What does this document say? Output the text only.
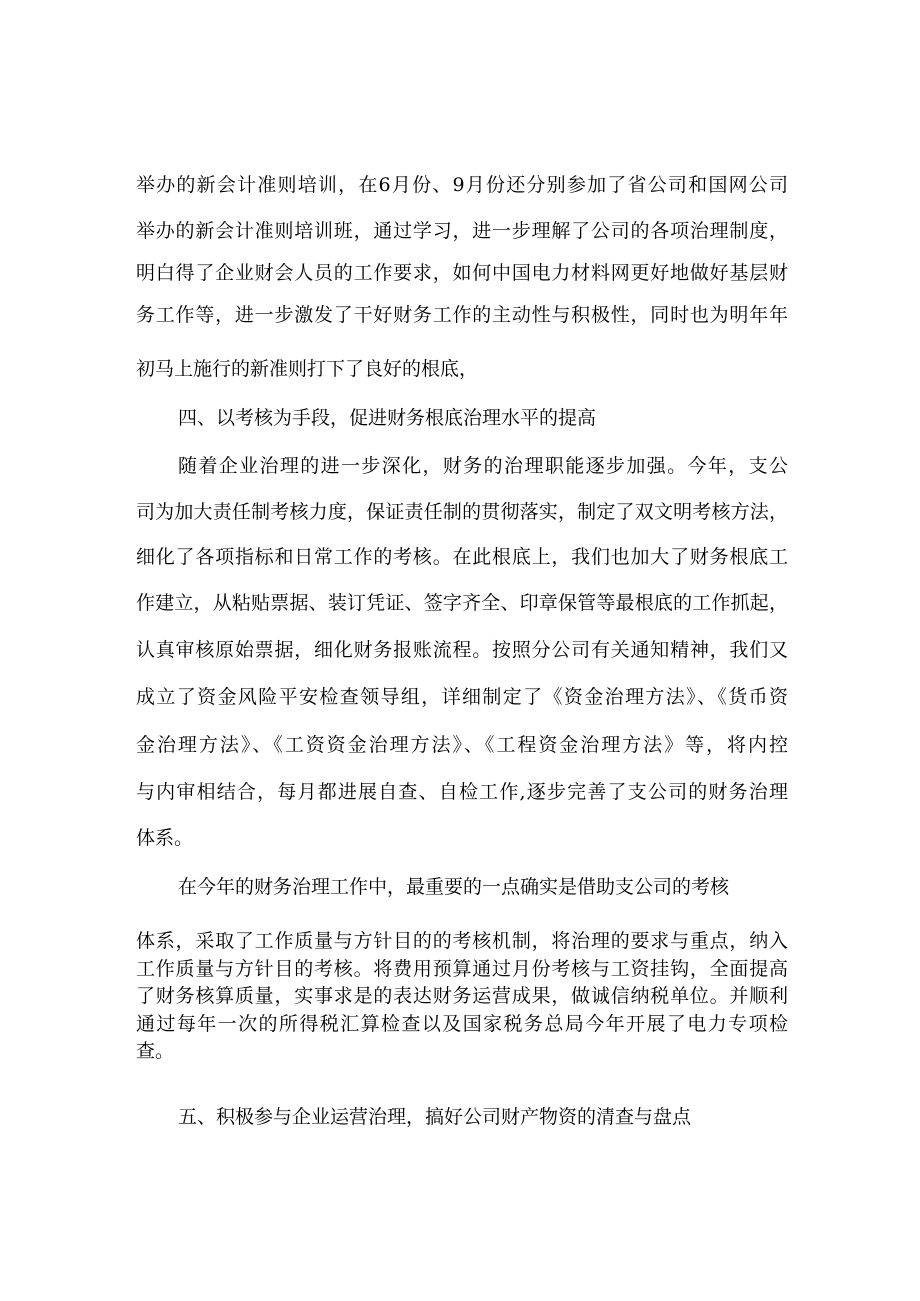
举办的新会计准则培训，在6月份、9月份还分别参加了省公司和国网公司
举办的新会计准则培训班，通过学习，进一步理解了公司的各项治理制度，
明白得了企业财会人员的工作要求，如何中国电力材料网更好地做好基层财
务工作等，进一步激发了干好财务工作的主动性与积极性，同时也为明年年
初马上施行的新准则打下了良好的根底，
四、以考核为手段，促进财务根底治理水平的提高
随着企业治理的进一步深化，财务的治理职能逐步加强。今年，支公
司为加大责任制考核力度，保证责任制的贯彻落实，制定了双文明考核方法，
细化了各项指标和日常工作的考核。在此根底上，我们也加大了财务根底工
作建立，从粘贴票据、装订凭证、签字齐全、印章保管等最根底的工作抓起，
认真审核原始票据，细化财务报账流程。按照分公司有关通知精神，我们又
成立了资金风险平安检查领导组，详细制定了《资金治理方法》、《货币资
金治理方法》、《工资资金治理方法》、《工程资金治理方法》等，将内控
与内审相结合，每月都进展自查、自检工作,逐步完善了支公司的财务治理
体系。
在今年的财务治理工作中，最重要的一点确实是借助支公司的考核
体系，采取了工作质量与方针目的的考核机制，将治理的要求与重点，纳入
工作质量与方针目的考核。将费用预算通过月份考核与工资挂钩，全面提高
了财务核算质量，实事求是的表达财务运营成果，做诚信纳税单位。并顺利
通过每年一次的所得税汇算检查以及国家税务总局今年开展了电力专项检
查。
五、积极参与企业运营治理，搞好公司财产物资的清查与盘点
